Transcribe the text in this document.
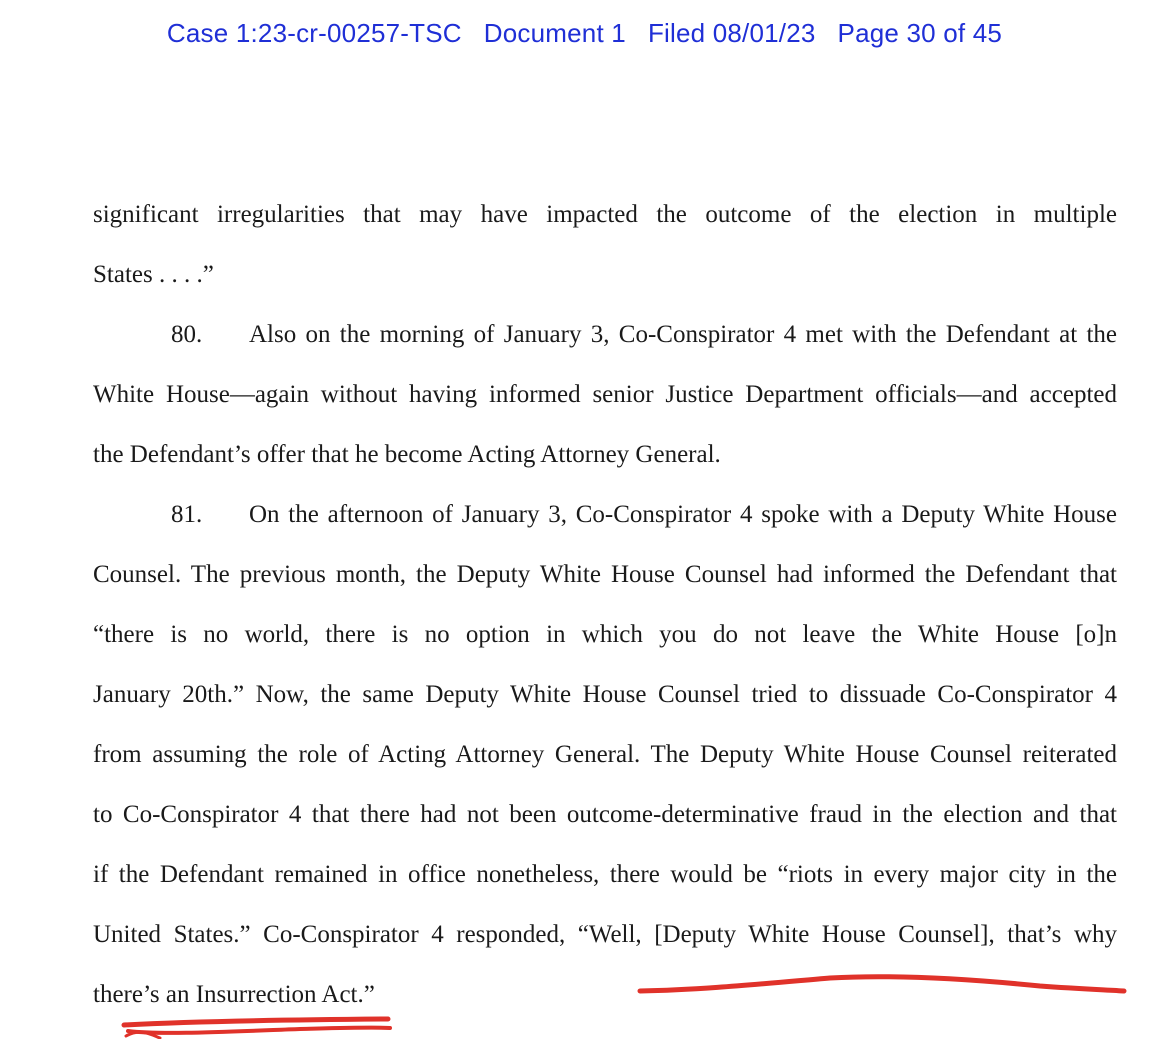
Case 1:23-cr-00257-TSC Document 1 Filed 08/01/23 Page 30 of 45
significant irregularities that may have impacted the outcome of the election in multiple
States . . . .”
80.	Also on the morning of January 3, Co-Conspirator 4 met with the Defendant at the
White House—again without having informed senior Justice Department officials—and accepted
the Defendant’s offer that he become Acting Attorney General.
81.	On the afternoon of January 3, Co-Conspirator 4 spoke with a Deputy White House
Counsel. The previous month, the Deputy White House Counsel had informed the Defendant that
“there is no world, there is no option in which you do not leave the White House [o]n
January 20th.” Now, the same Deputy White House Counsel tried to dissuade Co-Conspirator 4
from assuming the role of Acting Attorney General. The Deputy White House Counsel reiterated
to Co-Conspirator 4 that there had not been outcome-determinative fraud in the election and that
if the Defendant remained in office nonetheless, there would be “riots in every major city in the
United States.” Co-Conspirator 4 responded, “Well, [Deputy White House Counsel], that’s why
there’s an Insurrection Act.”
